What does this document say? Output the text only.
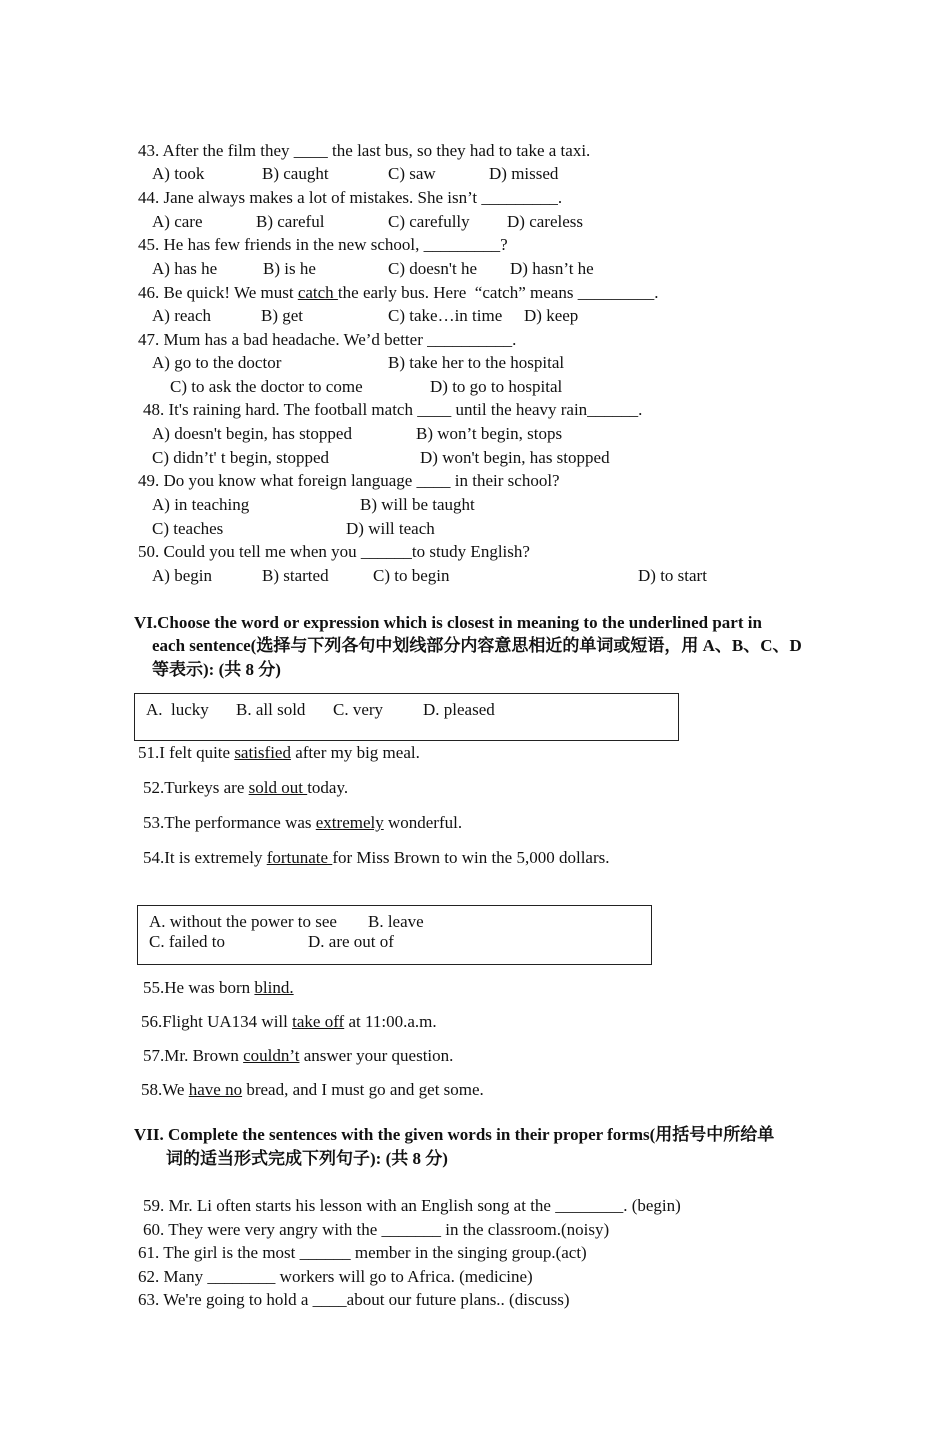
43. After the film they ____ the last bus, so they had to take a taxi.
A) took	B) caught	C) saw	D) missed
44. Jane always makes a lot of mistakes. She isn’t _________.
A) care	B) careful	C) carefully D) careless
45. He has few friends in the new school, _________?
A) has he	B) is he	C) doesn't he D) hasn’t he
46. Be quick! We must catch the early bus. Here  “catch” means _________.
A) reach	B) get	C) take…in time D) keep
47. Mum has a bad headache. We’d better __________.
A) go to the doctor	B) take her to the hospital
C) to ask the doctor to come	D) to go to hospital
48. It's raining hard. The football match ____ until the heavy rain______.
A) doesn't begin, has stopped	B) won’t begin, stops
C) didn’t' t begin, stopped	D) won't begin, has stopped
49. Do you know what foreign language ____ in their school?
A) in teaching	B) will be taught
C) teaches	D) will teach
50. Could you tell me when you ______to study English?
A) begin	B) started	C) to begin	D) to start
VI.Choose the word or expression which is closest in meaning to the underlined part in
each sentence(选择与下列各句中划线部分内容意思相近的单词或短语，用 A、B、C、D
等表示): (共 8 分)
A.  lucky B. all sold C. very D. pleased
51.I felt quite satisfied after my big meal.
52.Turkeys are sold out today.
53.The performance was extremely wonderful.
54.It is extremely fortunate for Miss Brown to win the 5,000 dollars.
A. without the power to see B. leave
C. failed to	D. are out of
55.He was born blind.
56.Flight UA134 will take off at 11:00.a.m.
57.Mr. Brown couldn’t answer your question.
58.We have no bread, and I must go and get some.
VII. Complete the sentences with the given words in their proper forms(用括号中所给单
词的适当形式完成下列句子): (共 8 分)
59. Mr. Li often starts his lesson with an English song at the ________. (begin)
60. They were very angry with the _______ in the classroom.(noisy)
61. The girl is the most ______ member in the singing group.(act)
62. Many ________ workers will go to Africa. (medicine)
63. We're going to hold a ____about our future plans.. (discuss)
